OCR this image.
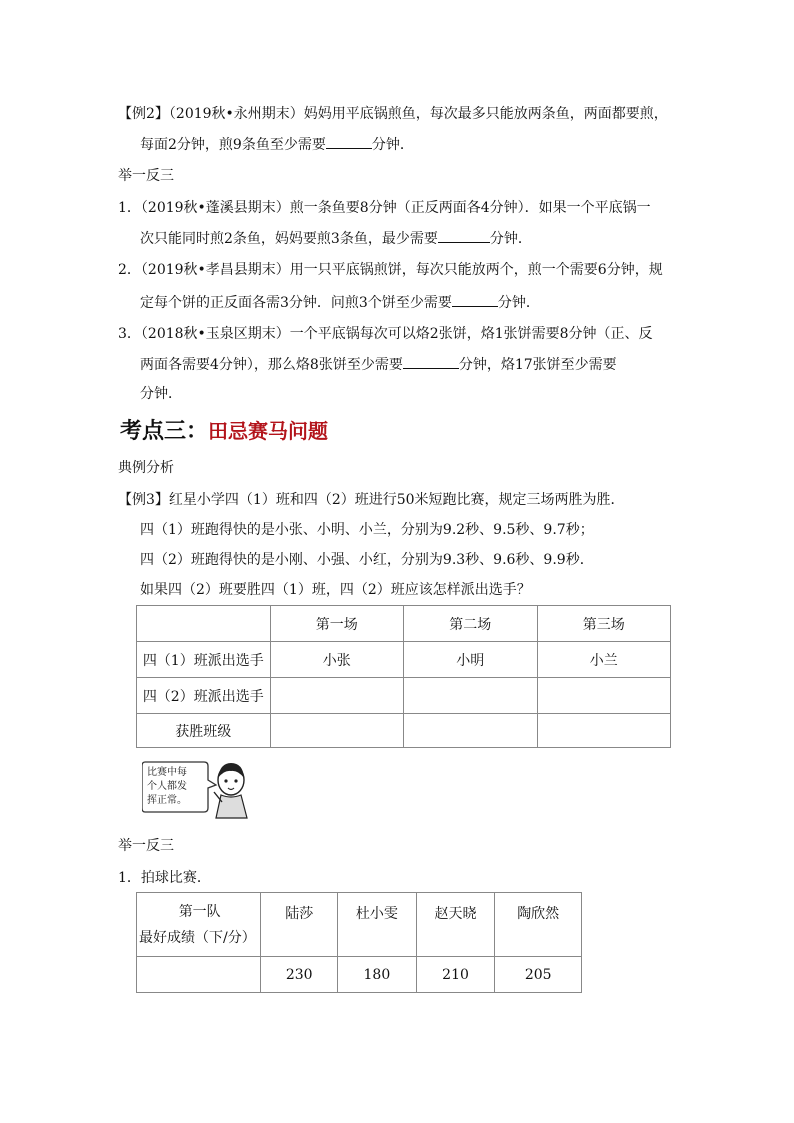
【例2】（2019秋•永州期末）妈妈用平底锅煎鱼，每次最多只能放两条鱼，两面都要煎，
每面2分钟，煎9条鱼至少需要	分钟．
举一反三
1．（2019秋•蓬溪县期末）煎一条鱼要8分钟（正反两面各4分钟）．如果一个平底锅一
次只能同时煎2条鱼，妈妈要煎3条鱼，最少需要	分钟．
2．（2019秋•孝昌县期末）用一只平底锅煎饼，每次只能放两个，煎一个需要6分钟，规
定每个饼的正反面各需3分钟．问煎3个饼至少需要	分钟．
3．（2018秋•玉泉区期末）一个平底锅每次可以烙2张饼，烙1张饼需要8分钟（正、反
两面各需要4分钟），那么烙8张饼至少需要	分钟，烙17张饼至少需要
考点三：田忌赛马问题
典例分析
【例3】红星小学四（1）班和四（2）班进行50米短跑比赛，规定三场两胜为胜．
四（1）班跑得快的是小张、小明、小兰，分别为9.2秒、9.5秒、9.7秒；
四（2）班跑得快的是小刚、小强、小红，分别为9.3秒、9.6秒、9.9秒．
如果四（2）班要胜四（1）班，四（2）班应该怎样派出选手？
	第一场	第二场	第三场
四（1）班派出选手	小张	小明	小兰
四（2）班派出选手			
获胜班级			
比赛中每
个人都发
挥正常。
举一反三
1．拍球比赛．
第一队
最好成绩（下/分）	陆莎	杜小雯	赵天晓	陶欣然
	230	180	210	205
分钟．
